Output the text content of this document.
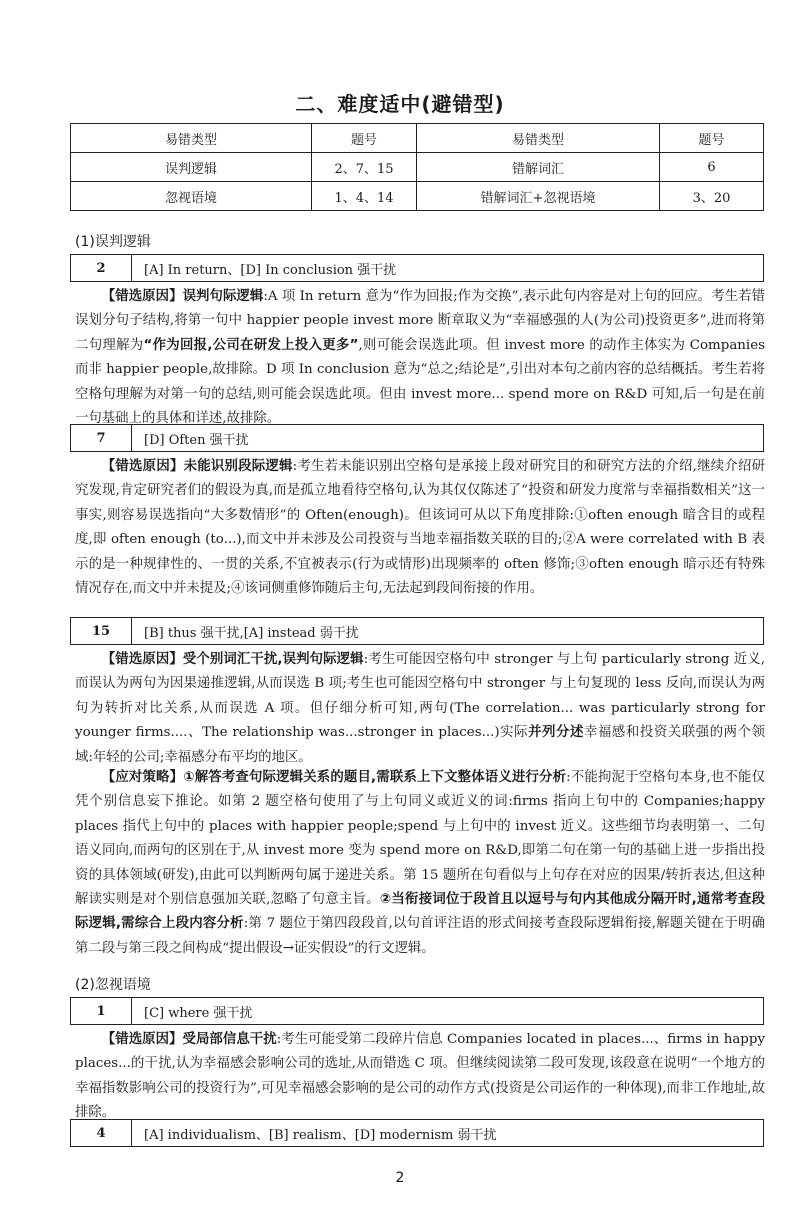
二、难度适中(避错型)
易错类型	题号	易错类型	题号
误判逻辑	2、7、15	错解词汇	6
忽视语境	1、4、14	错解词汇+忽视语境	3、20
(1)误判逻辑
2	[A] In return、[D] In conclusion 强干扰

【错选原因】误判句际逻辑:A 项 In return 意为“作为回报;作为交换”,表示此句内容是对上句的回应。考生若错误划分句子结构,将第一句中 happier people invest more 断章取义为“幸福感强的人(为公司)投资更多”,进而将第二句理解为“作为回报,公司在研发上投入更多”,则可能会误选此项。但 invest more 的动作主体实为 Companies 而非 happier people,故排除。D 项 In conclusion 意为“总之;结论是”,引出对本句之前内容的总结概括。考生若将空格句理解为对第一句的总结,则可能会误选此项。但由 invest more... spend more on R&D 可知,后一句是在前一句基础上的具体和详述,故排除。

7	[D] Often 强干扰

【错选原因】未能识别段际逻辑:考生若未能识别出空格句是承接上段对研究目的和研究方法的介绍,继续介绍研究发现,肯定研究者们的假设为真,而是孤立地看待空格句,认为其仅仅陈述了“投资和研发力度常与幸福指数相关”这一事实,则容易误选指向“大多数情形”的 Often(enough)。但该词可从以下角度排除:①often enough 暗含目的或程度,即 often enough (to...),而文中并未涉及公司投资与当地幸福指数关联的目的;②A were correlated with B 表示的是一种规律性的、一贯的关系,不宜被表示(行为或情形)出现频率的 often 修饰;③often enough 暗示还有特殊情况存在,而文中并未提及;④该词侧重修饰随后主句,无法起到段间衔接的作用。

15	[B] thus 强干扰,[A] instead 弱干扰

【错选原因】受个别词汇干扰,误判句际逻辑:考生可能因空格句中 stronger 与上句 particularly strong 近义,而误认为两句为因果递推逻辑,从而误选 B 项;考生也可能因空格句中 stronger 与上句复现的 less 反向,而误认为两句为转折对比关系,从而误选 A 项。但仔细分析可知,两句(The correlation... was particularly strong for younger firms....、The relationship was...stronger in places...)实际并列分述幸福感和投资关联强的两个领域:年轻的公司;幸福感分布平均的地区。

【应对策略】①解答考查句际逻辑关系的题目,需联系上下文整体语义进行分析:不能拘泥于空格句本身,也不能仅凭个别信息妄下推论。如第 2 题空格句使用了与上句同义或近义的词:firms 指向上句中的 Companies;happy places 指代上句中的 places with happier people;spend 与上句中的 invest 近义。这些细节均表明第一、二句语义同向,而两句的区别在于,从 invest more 变为 spend more on R&D,即第二句在第一句的基础上进一步指出投资的具体领域(研发),由此可以判断两句属于递进关系。第 15 题所在句看似与上句存在对应的因果/转折表达,但这种解读实则是对个别信息强加关联,忽略了句意主旨。②当衔接词位于段首且以逗号与句内其他成分隔开时,通常考查段际逻辑,需综合上段内容分析:第 7 题位于第四段段首,以句首评注语的形式间接考查段际逻辑衔接,解题关键在于明确第二段与第三段之间构成“提出假设→证实假设”的行文逻辑。

(2)忽视语境
1	[C] where 强干扰

【错选原因】受局部信息干扰:考生可能受第二段碎片信息 Companies located in places...、firms in happy places...的干扰,认为幸福感会影响公司的选址,从而错选 C 项。但继续阅读第二段可发现,该段意在说明“一个地方的幸福指数影响公司的投资行为”,可见幸福感会影响的是公司的动作方式(投资是公司运作的一种体现),而非工作地址,故排除。

4	[A] individualism、[B] realism、[D] modernism 弱干扰
2
